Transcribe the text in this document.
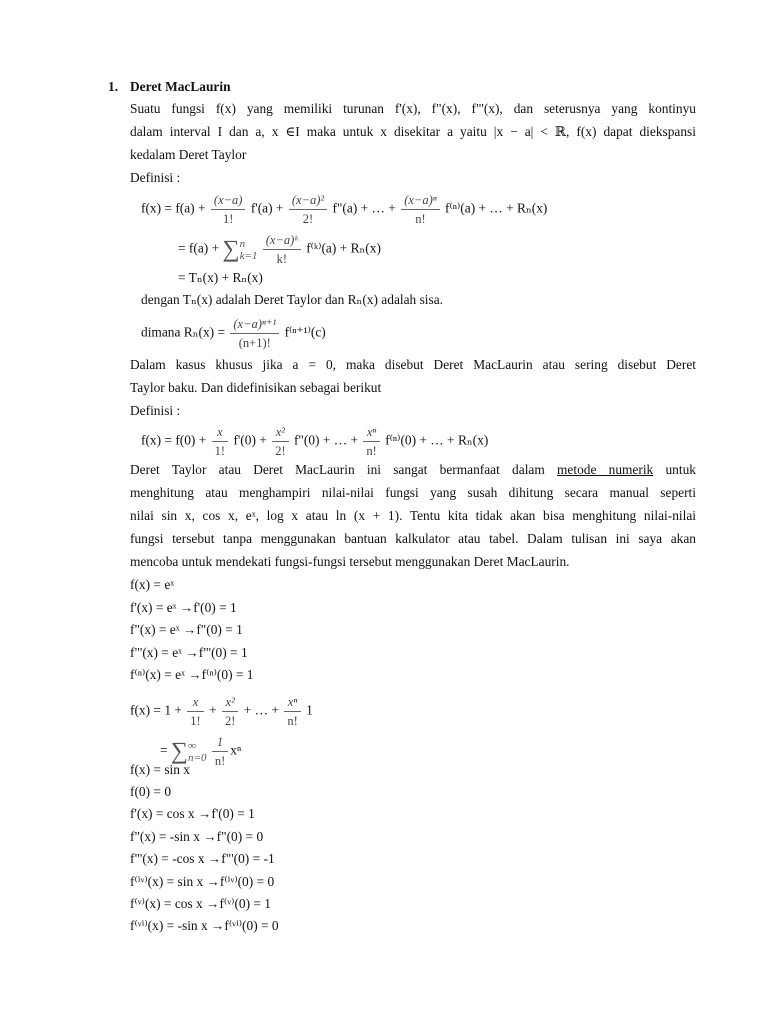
1. Deret MacLaurin
Suatu fungsi f(x) yang memiliki turunan f'(x), f"(x), f"'(x), dan seterusnya yang kontinyu
dalam interval I dan a, x ∈I maka untuk x disekitar a yaitu |x − a| < ℝ, f(x) dapat diekspansi
kedalam Deret Taylor
Definisi :
$f(x) = f(a) + \frac{(x-a)}{1!} f'(a) + \frac{\text{(x−a)²}}{2!}$ f"(a) + … + $\frac{\text{(x−a)ⁿ}}{n!} f^{(n)}(a)$ + … + Rₙ(x)
= f(a) + ∑ n
k=1
$\frac{\text{(x−a)ᵏ}}{k!}$ f⁽ᵏ⁾(a) + Rₙ(x)
= Tₙ(x) + Rₙ(x)
dengan Tₙ(x) adalah Deret Taylor dan Rₙ(x) adalah sisa.
dimana $R_n(x) = \frac{\text{(x−a)ⁿ⁺¹}}{(n+1)!} f^{(n+1)}(c)$
Dalam kasus khusus jika a = 0, maka disebut Deret MacLaurin atau sering disebut Deret
Taylor baku. Dan didefinisikan sebagai berikut
Definisi :
$f(x) = f(0) + \frac{x}{1!} f'(0) + \frac{\text{x²}}{2!}$ f"(0) + … + $\frac{\text{xⁿ}}{n!} f^{(n)}(0)$ + … + Rₙ(x)
Deret Taylor atau Deret MacLaurin ini sangat bermanfaat dalam metode numerik untuk
menghitung atau menghampiri nilai-nilai fungsi yang susah dihitung secara manual seperti
nilai sin x, cos x, eˣ, log x atau ln (x + 1). Tentu kita tidak akan bisa menghitung nilai-nilai
fungsi tersebut tanpa menggunakan bantuan kalkulator atau tabel. Dalam tulisan ini saya akan
mencoba untuk mendekati fungsi-fungsi tersebut menggunakan Deret MacLaurin.
f(x) = eˣ
f'(x) = eˣ →f'(0) = 1
f"(x) = eˣ →f"(0) = 1
f"'(x) = eˣ →f"'(0) = 1
f⁽ⁿ⁾(x) = eˣ →f⁽ⁿ⁾(0) = 1
$f(x) = 1 + \frac{x}{1!} + \frac{\text{x²}}{2!}$ + … + $\frac{\text{xⁿ}}{n!} 1$
= ∑ ∞
n=0
$\frac{1}{n!}$ xⁿ
f(x) = sin x
f(0) = 0
f'(x) = cos x →f'(0) = 1
f"(x) = -sin x →f"(0) = 0
f"'(x) = -cos x →f"'(0) = -1
f⁽ⁱᵛ⁾(x) = sin x →f⁽ⁱᵛ⁾(0) = 0
f⁽ᵛ⁾(x) = cos x →f⁽ᵛ⁾(0) = 1
f⁽ᵛⁱ⁾(x) = -sin x →f⁽ᵛⁱ⁾(0) = 0
